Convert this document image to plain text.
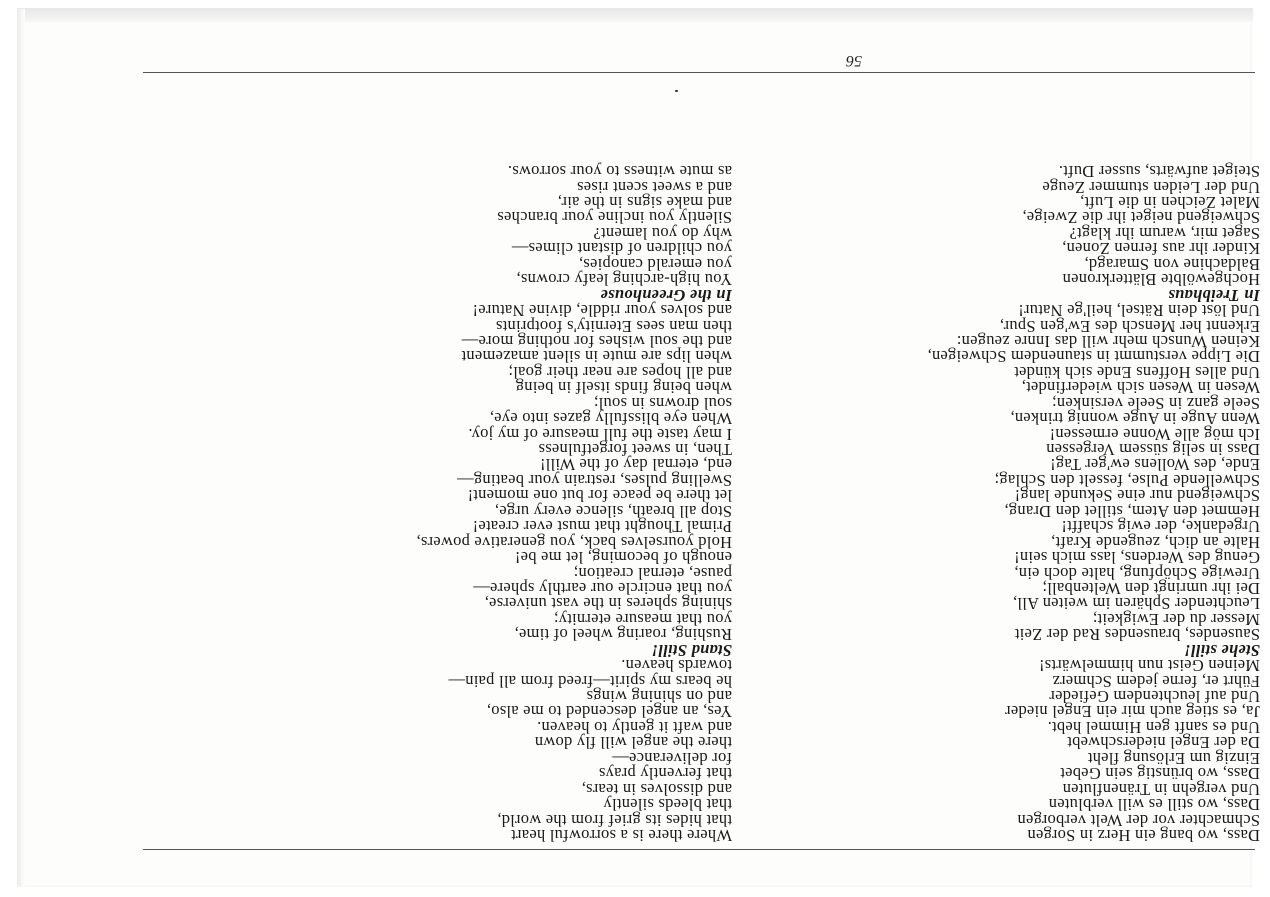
Dass, wo bang ein Herz in Sorgen
Schmachter vor der Welt verborgen
Dass, wo still es will verbluten
Und vergehn in Tränenfluten
Dass, wo brünstig sein Gebet
Einzig um Erlösung fleht
Da der Engel niederschwebt
Und es sanft gen Himmel hebt.
Ja, es stieg auch mir ein Engel nieder
Und auf leuchtendem Gefieder
Führt er, ferne jedem Schmerz
Meinen Geist nun himmelwärts!
Stehe still!
Sausendes, brausendes Rad der Zeit
Messer du der Ewigkeit;
Leuchtender Sphären im weiten All,
Dei ihr umringt den Weltenball;
Urewige Schöpfung, halte doch ein,
Genug des Werdens, lass mich sein!
Halte an dich, zeugende Kraft,
Urgedanke, der ewig schafft!
Hemmet den Atem, stillet den Drang,
Schweigend nur eine Sekunde lang!
Schwellende Pulse, fesselt den Schlag;
Ende, des Wollens ew'ger Tag!
Dass in selig süssem Vergessen
Ich mög alle Wonne ermessen!
Wenn Auge in Auge wonnig trinken,
Seele ganz in Seele versinken;
Wesen in Wesen sich wiederfindet,
Und alles Hoffens Ende sich kündet
Die Lippe verstummt in staunendem Schweigen,
Keinen Wunsch mehr will das Innre zeugen:
Erkennt her Mensch des Ew'gen Spur,
Und löst dein Rätsel, heil'ge Natur!
In Treibhaus
Hochgewölbte Blätterkronen
Baldachine von Smaragd,
Kinder ihr aus fernen Zonen,
Saget mir, warum ihr klagt?
Schweigend neiget ihr die Zweige,
Malet Zeichen in die Luft,
Und der Leiden stummer Zeuge
Steiget aufwärts, susser Duft.
Where there is a sorrowful heart
that hides its grief from the world,
that bleeds silently
and dissolves in tears,
that fervently prays
for deliverance—
there the angel will fly down
and waft it gently to heaven.
Yes, an angel descended to me also,
and on shining wings
he bears my spirit—freed from all pain—
towards heaven.
Stand Still!
Rushing, roaring wheel of time,
you that measure eternity;
shining spheres in the vast universe,
you that encircle our earthly sphere—
pause, eternal creation;
enough of becoming, let me be!
Hold yourselves back, you generative powers,
Primal Thought that must ever create!
Stop all breath, silence every urge,
let there be peace for but one moment!
Swelling pulses, restrain your beating—
end, eternal day of the Will!
Then, in sweet forgetfulness
I may taste the full measure of my joy.
When eye blissfully gazes into eye,
soul drowns in soul;
when being finds itself in being
and all hopes are near their goal;
when lips are mute in silent amazement
and the soul wishes for nothing more—
then man sees Eternity's footprints
and solves your riddle, divine Nature!
In the Greenhouse
You high-arching leafy crowns,
you emerald canopies,
you children of distant climes—
why do you lament?
Silently you incline your branches
and make signs in the air,
and a sweet scent rises
as mute witness to your sorrows.
56
